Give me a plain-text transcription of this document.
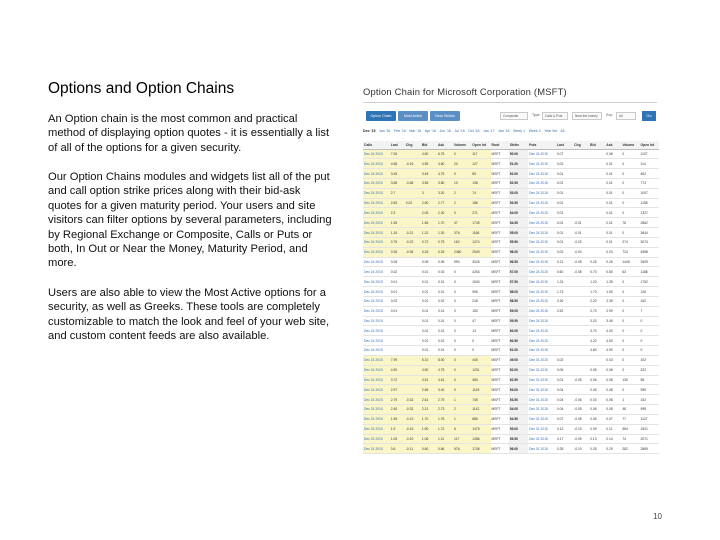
Options and Option Chains
An Option chain is the most common and practical method of displaying option quotes - it is essentially a list of all of the options for a given security.
Our Option Chains modules and widgets list all of the put and call option strike prices along with their bid-ask quotes for a given maturity period. Your users and site visitors can filter options by several parameters, including by Regional Exchange or Composite, Calls or Puts or both, In Out or Near the Money, Maturity Period, and more.
Users are also able to view the Most Active options for a security, as well as Greeks. These tools are completely customizable to match the look and feel of your web site, and custom content feeds are also available.
Option Chain for Microsoft Corporation (MSFT)
Option Chain	Most Active	Near Strikes	Composite	Type:	Calls & Puts	Near the money	Exp:	All	Go
Dec '15 Jan '16 Feb '16 Mar '16 Apr '16 Jun '16 Jul '16 Oct '16 Jan '17 Jan '18 Week 1 Week 2 Year list All
Calls	Last	Chg	Bid	Ask	Volume	Open Int	Root	Strike	Puts	Last	Chg	Bid	Ask	Volume	Open Int
Dec 24 2015	7.05		4.60	6.75	0	117	MSFT	50.00	Dec 24 2015	0.07			0.06	0	1107
Dec 24 2015	4.68	-0.16	4.55	4.60	20	127	MSFT	51.00	Dec 24 2015	0.02			0.01	0	114
Dec 24 2015	3.45		3.45	4.75	0	85	MSFT	52.00	Dec 24 2015	0.01			0.01	0	462
Dec 24 2015	3.68	-0.68	3.55	3.80	10	138	MSFT	52.50	Dec 24 2015	0.01			0.01	0	772
Dec 24 2015	2.7		3	3.20	2	74	MSFT	53.00	Dec 24 2015	0.01			0.01	0	1007
Dec 24 2015	2.65	0.02	2.60	2.77	2	186	MSFT	53.50	Dec 24 2015	0.01			0.01	0	1155
Dec 24 2015	2.2		2.05	2.30	0	271	MSFT	54.00	Dec 24 2015	0.01			0.01	0	1327
Dec 24 2015	1.55		1.65	1.70	47	1745	MSFT	54.50	Dec 24 2015	0.01	-0.01		0.01	76	2862
Dec 24 2015	1.34	-0.21	1.22	1.30	376	1166	MSFT	55.00	Dec 24 2015	0.01	-0.01		0.01	0	3644
Dec 24 2015	0.75	-0.22	0.72	0.75	162	1274	MSFT	55.50	Dec 24 2015	0.01	-0.02		0.01	274	3074
Dec 24 2015	0.26	-0.36	0.25	0.25	2460	2549	MSFT	56.00	Dec 24 2015	0.02	-0.04		0.03	724	4558
Dec 24 2015	0.05		0.05	0.05	990	3026	MSFT	56.50	Dec 24 2015	0.21	-0.05	0.25	0.26	1445	2609
Dec 24 2015	0.02		0.01	0.02	0	4253	MSFT	57.00	Dec 24 2015	0.60	-0.08	0.70	0.80	63	1188
Dec 24 2015	0.01		0.01	0.01	0	1540	MSFT	57.50	Dec 24 2015	1.24		1.20	1.35	0	1752
Dec 24 2015	0.01		0.01	0.01	0	905	MSFT	58.00	Dec 24 2015	1.73		1.70	1.90	0	126
Dec 24 2015	0.02		0.01	0.02	0	218	MSFT	58.50	Dec 24 2015	2.26		2.20	2.35	0	162
Dec 24 2015	0.01		0.01	0.01	0	150	MSFT	59.00	Dec 24 2015	2.52		2.70	2.90	0	7
Dec 24 2015			0.01	0.01	0	47	MSFT	59.50	Dec 24 2015			3.20	3.45	0	0
Dec 24 2015			0.01	0.01	0	13	MSFT	60.00	Dec 24 2015			3.70	4.00	0	0
Dec 24 2015			0.01	0.01	0	0	MSFT	60.50	Dec 24 2015			4.20	4.50	0	0
Dec 24 2015			0.01	0.01	0	0	MSFT	61.00	Dec 24 2015			4.60	4.90	0	0
Dec 31 2015	7.99		5.10	8.00	0	445	MSFT	49.00	Dec 31 2015	0.02			0.03	0	102
Dec 31 2015	4.90		4.50	4.75	0	1201	MSFT	52.00	Dec 31 2015	0.06		0.05	0.06	0	322
Dec 31 2015	3.72		3.51	4.61	0	483	MSFT	52.50	Dec 31 2015	0.01	-0.05	0.06	0.08	130	58
Dec 31 2015	2.97		2.65	3.40	0	1149	MSFT	53.00	Dec 31 2015	0.04		0.05	0.08	0	959
Dec 31 2015	2.79	-0.32	2.61	2.79	1	745	MSFT	53.50	Dec 31 2015	0.04	-0.06	0.03	0.08	1	152
Dec 31 2015	2.45	-0.32	2.21	2.73	2	1142	MSFT	54.00	Dec 31 2015	0.04	-0.05	0.06	0.08	48	998
Dec 31 2015	1.95	-0.13	1.70	1.76	1	886	MSFT	54.50	Dec 31 2015	0.07	-0.08	0.06	0.07	77	1127
Dec 31 2015	1.5	-0.15	1.50	1.72	6	1475	MSFT	55.00	Dec 31 2015	0.13	-0.10	0.09	0.11	584	1521
Dec 31 2015	1.05	-0.20	1.06	1.11	117	1286	MSFT	55.50	Dec 31 2015	0.17	-0.09	0.13	0.14	74	2071
Dec 31 2015	0.6	-0.11	0.60	0.66	576	1745	MSFT	56.00	Dec 31 2015	0.28	-0.10	0.25	0.29	282	2869
10
